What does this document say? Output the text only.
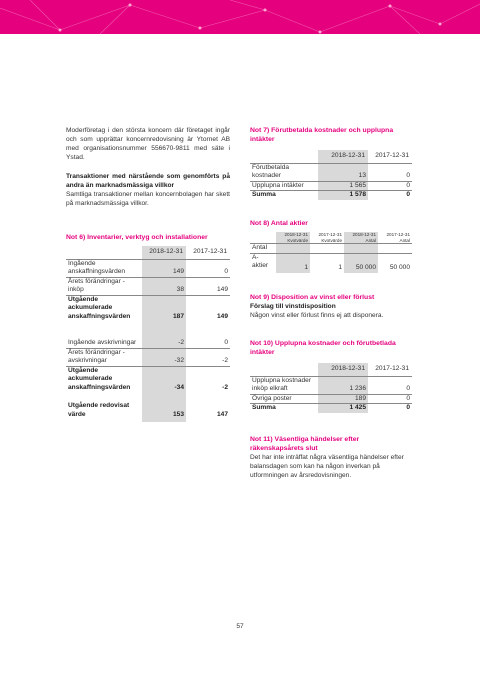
Moderföretag i den största koncern där företaget ingår och som upprättar koncernredovisning är Ytornet AB med organisationsnummer 556670-9811 med säte i Ystad.

Transaktioner med närstående som genomförts på andra än marknadsmässiga villkor
Samtliga transaktioner mellan koncernbolagen har skett på marknadsmässiga villkor.

Not 6) Inventarier, verktyg och installationer
	2018-12-31	2017-12-31
Ingående anskaffningsvärden	149	0
Årets förändringar - inköp	38	149
Utgående ackumulerade anskaffningsvärden	187	149

Ingående avskrivningar	-2	0
Årets förändringar - avskrivningar	-32	-2
Utgående ackumulerade anskaffningsvärden	-34	-2

Utgående redovisat värde	153	147
Not 7) Förutbetalda kostnader och upplupna intäkter
	2018-12-31	2017-12-31
Förutbetalda kostnader	13	0
Upplupna intäkter	1 565	0
Summa	1 578	0
Not 8) Antal aktier
	2018-12-31 Kvotvärde	2017-12-31 Kvotvärde	2018-12-31 Antal	2017-12-31 Antal
Antal				
A-aktier	1	1	50 000	50 000
Not 9) Disposition av vinst eller förlust
Förslag till vinstdisposition
Någon vinst eller förlust finns ej att disponera.
Not 10) Upplupna kostnader och förutbetlada intäkter
	2018-12-31	2017-12-31
Upplupna kostnader inköp elkraft	1 236	0
Övriga poster	189	0
Summa	1 425	0
Not 11) Väsentliga händelser efter räkenskapsårets slut
Det har inte inträffat några väsentliga händelser efter balansdagen som kan ha någon inverkan på utformningen av årsredovisningen.
57
